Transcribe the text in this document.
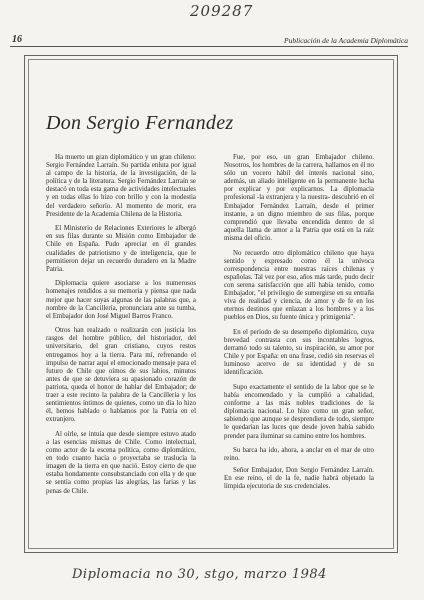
209287
16	Publicación de la Academia Diplomática
Don Sergio Fernandez

Ha muerto un gran diplomático y un gran chileno: Sergio Fernández Larraín. Su partida enluta por igual al campo de la historia, de la investigación, de la política y de la literatura. Sergio Fernández Larraín se destacó en toda esta gama de actividades intelectuales y en todas ellas lo hizo con brillo y con la modestia del verdadero señorío. Al momento de morir, era Presidente de la Academia Chilena de la Historia.

El Ministerio de Relaciones Exteriores le albergó en sus filas durante su Misión como Embajador de Chile en España. Pudo apreciar en él grandes cualidades de patriotismo y de inteligencia, que le permitieron dejar un recuerdo duradero en la Madre Patria.

Diplomacia quiere asociarse a los numerosos homenajes rendidos a su memoria y piensa que nada mejor que hacer suyas algunas de las palabras que, a nombre de la Cancillería, pronunciara ante su tumba, el Embajador don José Miguel Barros Franco.

Otros han realzado o realizarán con justicia los rasgos del hombre público, del historiador, del universitario, del gran cristiano, cuyos restos entregamos hoy a la tierra. Para mí, refrenando el impulso de narrar aquí el emocionado mensaje para el futuro de Chile que oímos de sus labios, minutos antes de que se detuviera su apasionado corazón de patriota, queda el honor de hablar del Embajador; de traer a este recinto la palabra de la Cancillería y los sentimientos íntimos de quienes, como un día lo hizo él, hemos hablado o hablamos por la Patria en el extranjero.

Al oírle, se intuía que desde siempre estuvo atado a las esencias mismas de Chile. Como intelectual, como actor de la escena política, como diplomático, en todo cuanto hacía o proyectaba se traslucía la imagen de la tierra en que nació. Estoy cierto de que estaba hondamente consubstanciado con ella y de que se sentía como propias las alegrías, las farias y las penas de Chile.

Fue, por eso, un gran Embajador chileno. Nosotros, los hombres de la carrera, hallamos en él no sólo un vocero hábil del interés nacional sino, además, un aliado inteligente en la permanente lucha por explicar y por explicarnos. La diplomacia profesional -la extranjera y la nuestra- descubrió en el Embajador Fernández Larraín, desde el primer instante, a un digno miembro de sus filas, porque comprendió que llevaba encendida dentro de sí aquella llama de amor a la Patria que está en la raíz misma del oficio.

No recuerdo otro diplomático chileno que haya sentido y expresado como él la unívoca correspondencia entre nuestras raíces chilenas y españolas. Tal vez por eso, años más tarde, pudo decir con serena satisfacción que allí había tenido, como Embajador, "el privilegio de sumergirse en su entraña viva de realidad y ciencia, de amor y de fe en los eternos destinos que enlazan a los hombres y a los pueblos en Dios, su fuente única y primigenia".

En el período de su desempeño diplomático, cuya brevedad contrasta con sus incontables logros, derramó todo su talento, su inspiración, su amor por Chile y por España: en una frase, cedió sin reservas el luminoso acervo de su identidad y de su identificación.

Supo exactamente el sentido de la labor que se le había encomendado y la cumplió a cabalidad, conforme a las más nobles tradiciones de la diplomacia nacional. Lo hizo como un gran señor, sabiendo que aunque se desprendiera de todo, siempre le quedarían las luces que desde joven había sabido prender para iluminar su camino entre los hombres.

Su barca ha ido, ahora, a anclar en el mar de otro reino.

Señor Embajador, Don Sergio Fernández Larraín. En ese reino, el de la fe, nadie habrá objetado la límpida ejecutoria de sus credenciales.

Diplomacia no 30, stgo, marzo 1984
